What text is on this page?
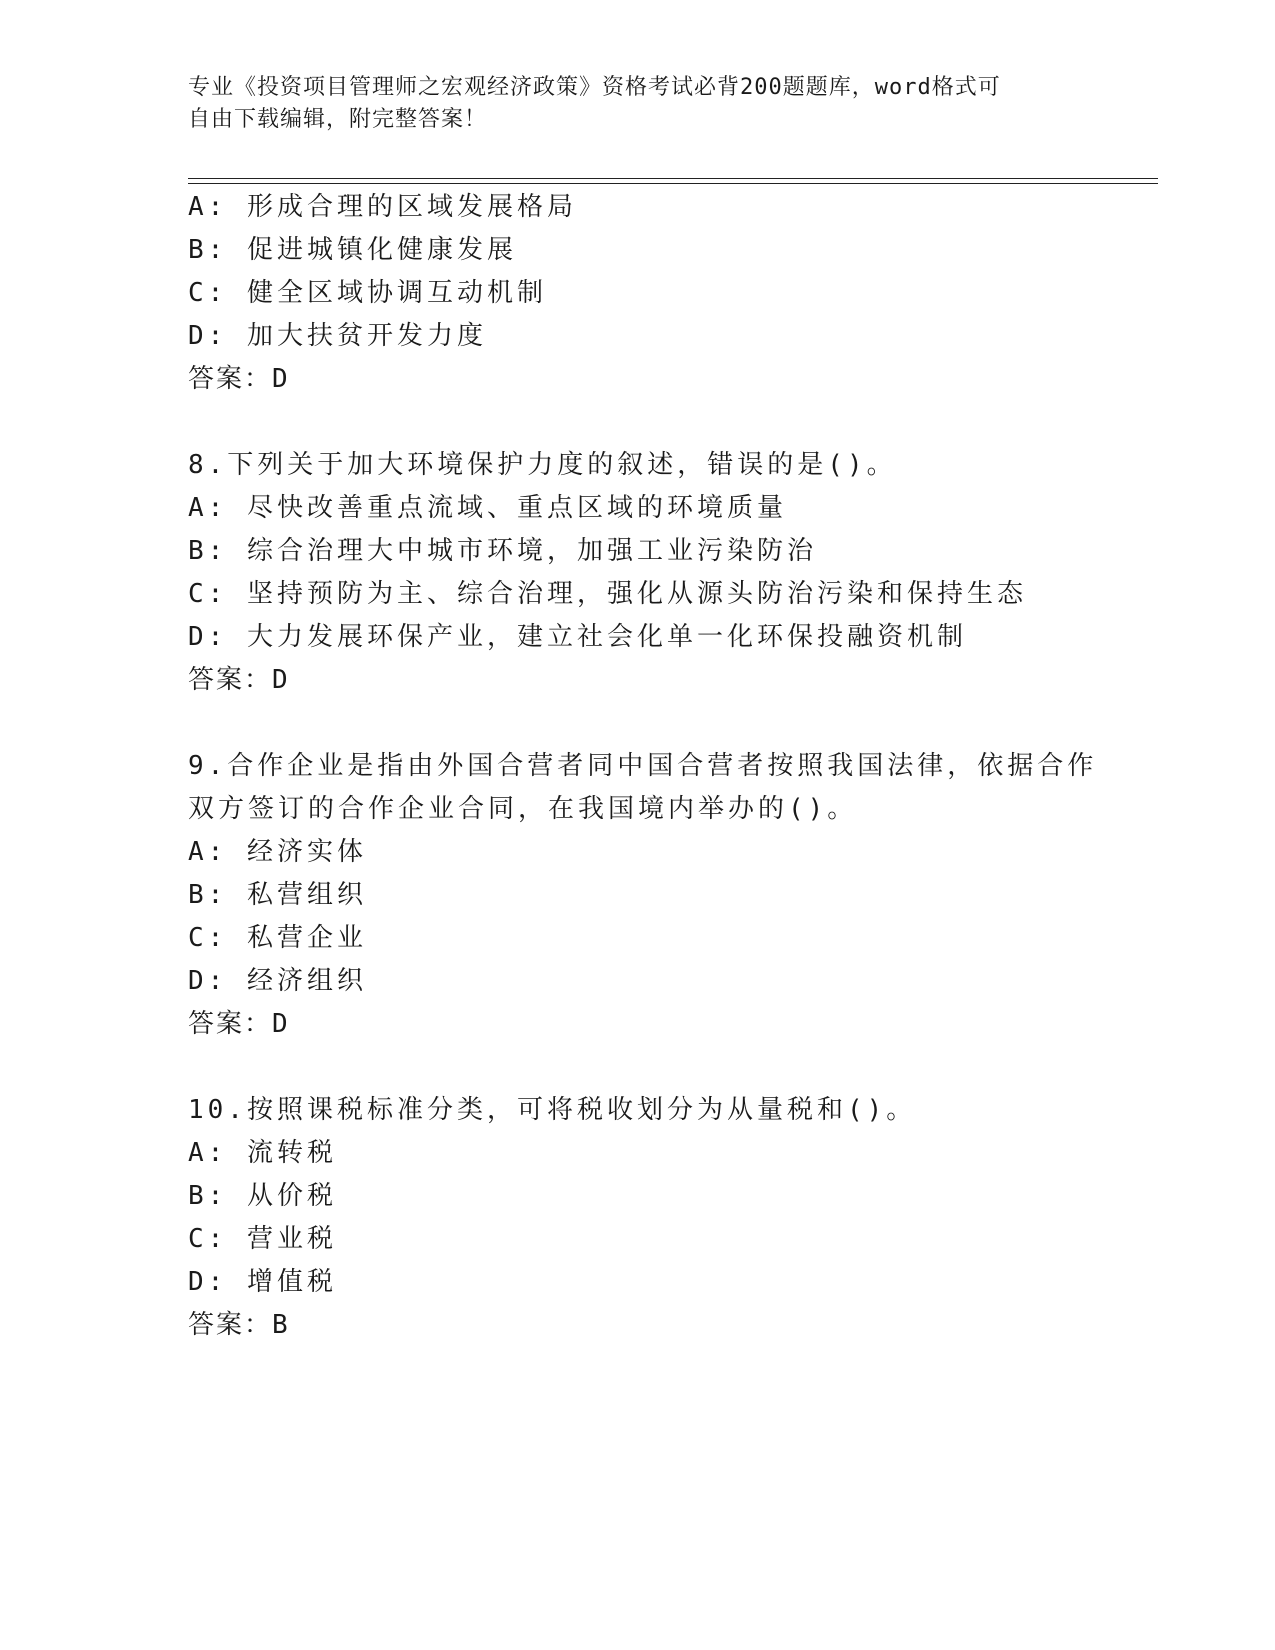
专业《投资项目管理师之宏观经济政策》资格考试必背200题题库，word格式可
自由下载编辑，附完整答案！
A: 形成合理的区域发展格局
B: 促进城镇化健康发展
C: 健全区域协调互动机制
D: 加大扶贫开发力度
答案：D
8.下列关于加大环境保护力度的叙述，错误的是()。
A: 尽快改善重点流域、重点区域的环境质量
B: 综合治理大中城市环境，加强工业污染防治
C: 坚持预防为主、综合治理，强化从源头防治污染和保持生态
D: 大力发展环保产业，建立社会化单一化环保投融资机制
答案：D
9.合作企业是指由外国合营者同中国合营者按照我国法律，依据合作
双方签订的合作企业合同，在我国境内举办的()。
A: 经济实体
B: 私营组织
C: 私营企业
D: 经济组织
答案：D
10.按照课税标准分类，可将税收划分为从量税和()。
A: 流转税
B: 从价税
C: 营业税
D: 增值税
答案：B
